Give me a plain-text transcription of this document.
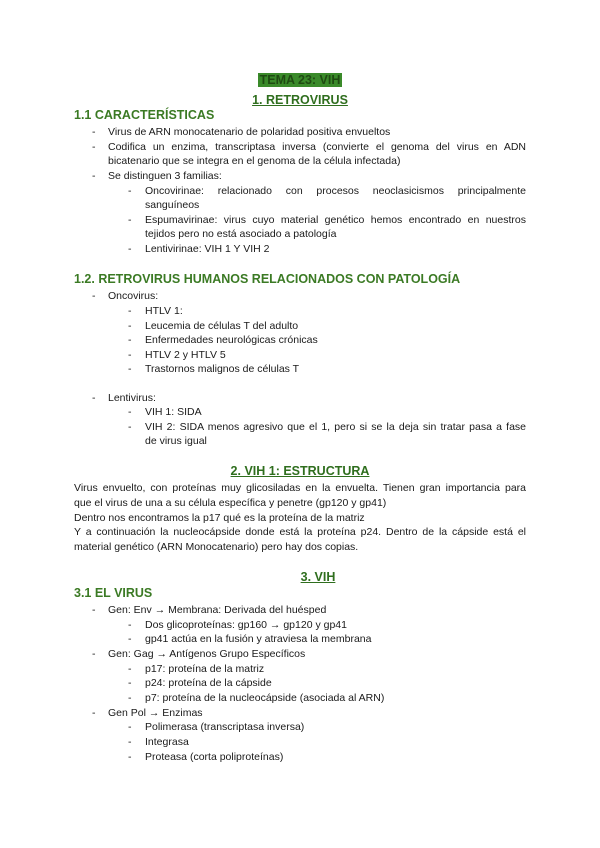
TEMA 23: VIH
1. RETROVIRUS
1.1 CARACTERÍSTICAS
- Virus de ARN monocatenario de polaridad positiva envueltos
- Codifica un enzima, transcriptasa inversa (convierte el genoma del virus en ADN
bicatenario que se integra en el genoma de la célula infectada)
- Se distinguen 3 familias:
- Oncovirinae: relacionado con procesos neoclasicismos principalmente
sanguíneos
- Espumavirinae: virus cuyo material genético hemos encontrado en nuestros
tejidos pero no está asociado a patología
- Lentivirinae: VIH 1 Y VIH 2
1.2. RETROVIRUS HUMANOS RELACIONADOS CON PATOLOGÍA
- Oncovirus:
- HTLV 1:
- Leucemia de células T del adulto
- Enfermedades neurológicas crónicas
- HTLV 2 y HTLV 5
- Trastornos malignos de células T
- Lentivirus:
- VIH 1: SIDA
- VIH 2: SIDA menos agresivo que el 1, pero si se la deja sin tratar pasa a fase
de virus igual
2. VIH 1: ESTRUCTURA
Virus envuelto, con proteínas muy glicosiladas en la envuelta. Tienen gran importancia para
que el virus de una a su célula específica y penetre (gp120 y gp41)
Dentro nos encontramos la p17 qué es la proteína de la matriz
Y a continuación la nucleocápside donde está la proteína p24. Dentro de la cápside está el
material genético (ARN Monocatenario) pero hay dos copias.
3. VIH
3.1 EL VIRUS
- Gen: Env → Membrana: Derivada del huésped
- Dos glicoproteínas: gp160 → gp120 y gp41
- gp41 actúa en la fusión y atraviesa la membrana
- Gen: Gag → Antígenos Grupo Específicos
- p17: proteína de la matriz
- p24: proteína de la cápside
- p7: proteína de la nucleocápside (asociada al ARN)
- Gen Pol → Enzimas
- Polimerasa (transcriptasa inversa)
- Integrasa
- Proteasa (corta poliproteínas)
